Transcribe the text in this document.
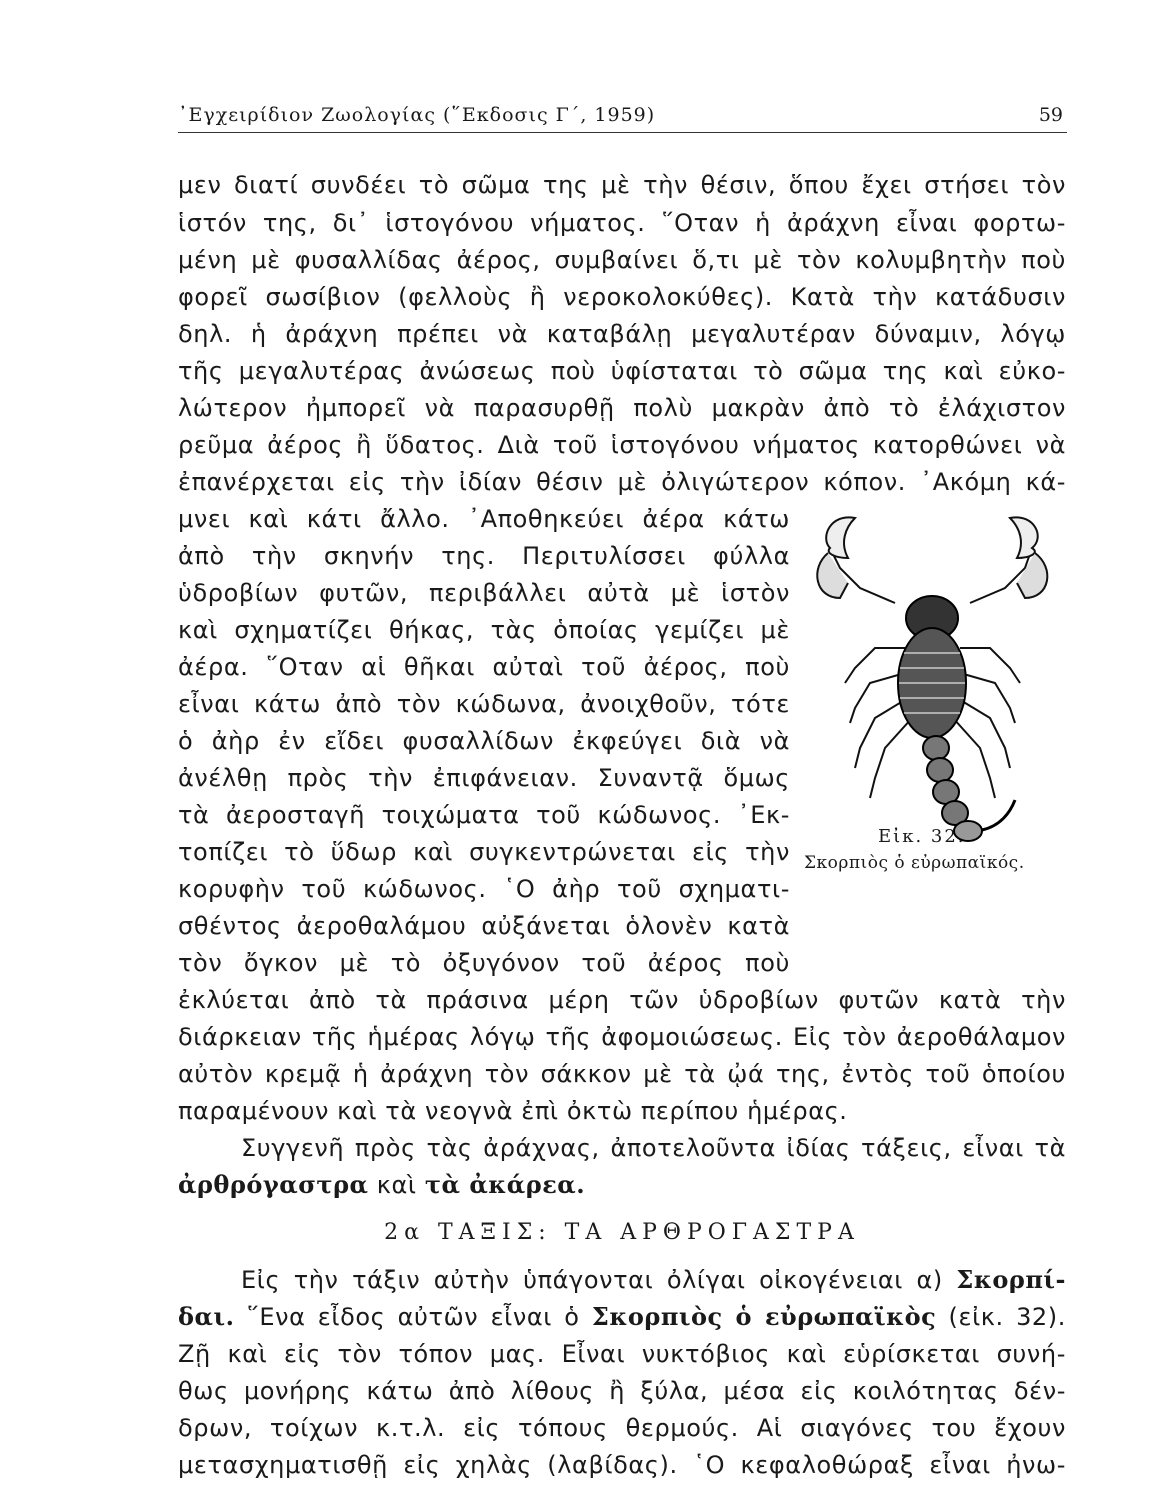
᾿Εγχειρίδιον Ζωολογίας (῞Εκδοσις Γ΄, 1959)	59
μεν διατί συνδέει τὸ σῶμα της μὲ τὴν θέσιν, ὅπου ἔχει στήσει τὸν
ἱστόν της, δι᾿ ἱστογόνου νήματος. ῞Οταν ἡ ἀράχνη εἶναι φορτω-
μένη μὲ φυσαλλίδας ἀέρος, συμβαίνει ὅ,τι μὲ τὸν κολυμβητὴν ποὺ
φορεῖ σωσίβιον (φελλοὺς ἢ νεροκολοκύθες). Κατὰ τὴν κατάδυσιν
δηλ. ἡ ἀράχνη πρέπει νὰ καταβάλῃ μεγαλυτέραν δύναμιν, λόγῳ
τῆς μεγαλυτέρας ἀνώσεως ποὺ ὑφίσταται τὸ σῶμα της καὶ εὐκο-
λώτερον ἠμπορεῖ νὰ παρασυρθῇ πολὺ μακρὰν ἀπὸ τὸ ἐλάχιστον
ρεῦμα ἀέρος ἢ ὕδατος. Διὰ τοῦ ἱστογόνου νήματος κατορθώνει νὰ
ἐπανέρχεται εἰς τὴν ἰδίαν θέσιν μὲ ὀλιγώτερον κόπον. ᾿Ακόμη κά-
μνει καὶ κάτι ἄλλο. ᾿Αποθηκεύει ἀέρα κάτω
ἀπὸ τὴν σκηνήν της. Περιτυλίσσει φύλλα
ὑδροβίων φυτῶν, περιβάλλει αὐτὰ μὲ ἱστὸν
καὶ σχηματίζει θήκας, τὰς ὁποίας γεμίζει μὲ
ἀέρα. ῞Οταν αἱ θῆκαι αὐταὶ τοῦ ἀέρος, ποὺ
εἶναι κάτω ἀπὸ τὸν κώδωνα, ἀνοιχθοῦν, τότε
ὁ ἀὴρ ἐν εἴδει φυσαλλίδων ἐκφεύγει διὰ νὰ
ἀνέλθῃ πρὸς τὴν ἐπιφάνειαν. Συναντᾷ ὅμως
τὰ ἀεροσταγῆ τοιχώματα τοῦ κώδωνος. ᾿Εκ-
τοπίζει τὸ ὕδωρ καὶ συγκεντρώνεται εἰς τὴν
κορυφὴν τοῦ κώδωνος. ῾Ο ἀὴρ τοῦ σχηματι-
σθέντος ἀεροθαλάμου αὐξάνεται ὁλονὲν κατὰ
τὸν ὄγκον μὲ τὸ ὀξυγόνον τοῦ ἀέρος ποὺ
ἐκλύεται ἀπὸ τὰ πράσινα μέρη τῶν ὑδροβίων φυτῶν κατὰ τὴν
διάρκειαν τῆς ἡμέρας λόγῳ τῆς ἀφομοιώσεως. Εἰς τὸν ἀεροθάλαμον
αὐτὸν κρεμᾷ ἡ ἀράχνη τὸν σάκκον μὲ τὰ ᾠά της, ἐντὸς τοῦ ὁποίου
παραμένουν καὶ τὰ νεογνὰ ἐπὶ ὀκτὼ περίπου ἡμέρας.
Συγγενῆ πρὸς τὰς ἀράχνας, ἀποτελοῦντα ἰδίας τάξεις, εἶναι τὰ
ἀρθρόγαστρα καὶ τὰ ἀκάρεα.
2α ΤΑΞΙΣ: ΤΑ ΑΡΘΡΟΓΑΣΤΡΑ
Εἰς τὴν τάξιν αὐτὴν ὑπάγονται ὀλίγαι οἰκογένειαι α) Σκορπί-
δαι. ῞Ενα εἶδος αὐτῶν εἶναι ὁ Σκορπιὸς ὁ εὐρωπαϊκὸς (εἰκ. 32).
Ζῇ καὶ εἰς τὸν τόπον μας. Εἶναι νυκτόβιος καὶ εὑρίσκεται συνή-
θως μονήρης κάτω ἀπὸ λίθους ἢ ξύλα, μέσα εἰς κοιλότητας δέν-
δρων, τοίχων κ.τ.λ. εἰς τόπους θερμούς. Αἱ σιαγόνες του ἔχουν
μετασχηματισθῇ εἰς χηλὰς (λαβίδας). ῾Ο κεφαλοθώραξ εἶναι ἠνω-
Εἰκ. 32.
Σκορπιὸς ὁ εὐρωπαϊκός.
